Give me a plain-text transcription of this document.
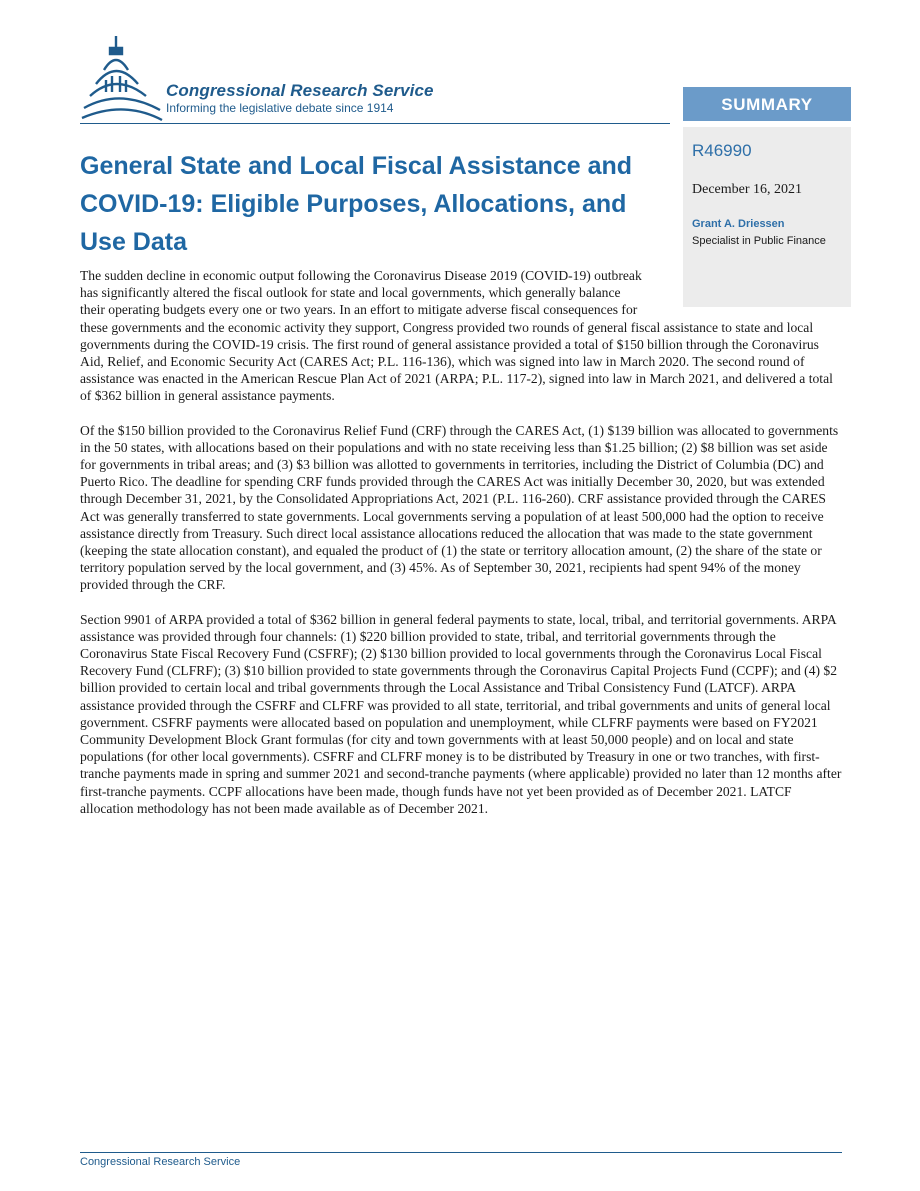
Congressional Research Service
Informing the legislative debate since 1914	SUMMARY
R46990
December 16, 2021
Grant A. Driessen
Specialist in Public Finance
General State and Local Fiscal Assistance and COVID-19: Eligible Purposes, Allocations, and Use Data

The sudden decline in economic output following the Coronavirus Disease 2019 (COVID-19) outbreak has significantly altered the fiscal outlook for state and local governments, which generally balance their operating budgets every one or two years. In an effort to mitigate adverse fiscal consequences for these governments and the economic activity they support, Congress provided two rounds of general fiscal assistance to state and local governments during the COVID-19 crisis. The first round of general assistance provided a total of $150 billion through the Coronavirus Aid, Relief, and Economic Security Act (CARES Act; P.L. 116-136), which was signed into law in March 2020. The second round of assistance was enacted in the American Rescue Plan Act of 2021 (ARPA; P.L. 117-2), signed into law in March 2021, and delivered a total of $362 billion in general assistance payments.

Of the $150 billion provided to the Coronavirus Relief Fund (CRF) through the CARES Act, (1) $139 billion was allocated to governments in the 50 states, with allocations based on their populations and with no state receiving less than $1.25 billion; (2) $8 billion was set aside for governments in tribal areas; and (3) $3 billion was allotted to governments in territories, including the District of Columbia (DC) and Puerto Rico. The deadline for spending CRF funds provided through the CARES Act was initially December 30, 2020, but was extended through December 31, 2021, by the Consolidated Appropriations Act, 2021 (P.L. 116-260). CRF assistance provided through the CARES Act was generally transferred to state governments. Local governments serving a population of at least 500,000 had the option to receive assistance directly from Treasury. Such direct local assistance allocations reduced the allocation that was made to the state government (keeping the state allocation constant), and equaled the product of (1) the state or territory allocation amount, (2) the share of the state or territory population served by the local government, and (3) 45%. As of September 30, 2021, recipients had spent 94% of the money provided through the CRF.

Section 9901 of ARPA provided a total of $362 billion in general federal payments to state, local, tribal, and territorial governments. ARPA assistance was provided through four channels: (1) $220 billion provided to state, tribal, and territorial governments through the Coronavirus State Fiscal Recovery Fund (CSFRF); (2) $130 billion provided to local governments through the Coronavirus Local Fiscal Recovery Fund (CLFRF); (3) $10 billion provided to state governments through the Coronavirus Capital Projects Fund (CCPF); and (4) $2 billion provided to certain local and tribal governments through the Local Assistance and Tribal Consistency Fund (LATCF). ARPA assistance provided through the CSFRF and CLFRF was provided to all state, territorial, and tribal governments and units of general local government. CSFRF payments were allocated based on population and unemployment, while CLFRF payments were based on FY2021 Community Development Block Grant formulas (for city and town governments with at least 50,000 people) and on local and state populations (for other local governments). CSFRF and CLFRF money is to be distributed by Treasury in one or two tranches, with first-tranche payments made in spring and summer 2021 and second-tranche payments (where applicable) provided no later than 12 months after first-tranche payments. CCPF allocations have been made, though funds have not yet been provided as of December 2021. LATCF allocation methodology has not been made available as of December 2021.

Congressional Research Service
